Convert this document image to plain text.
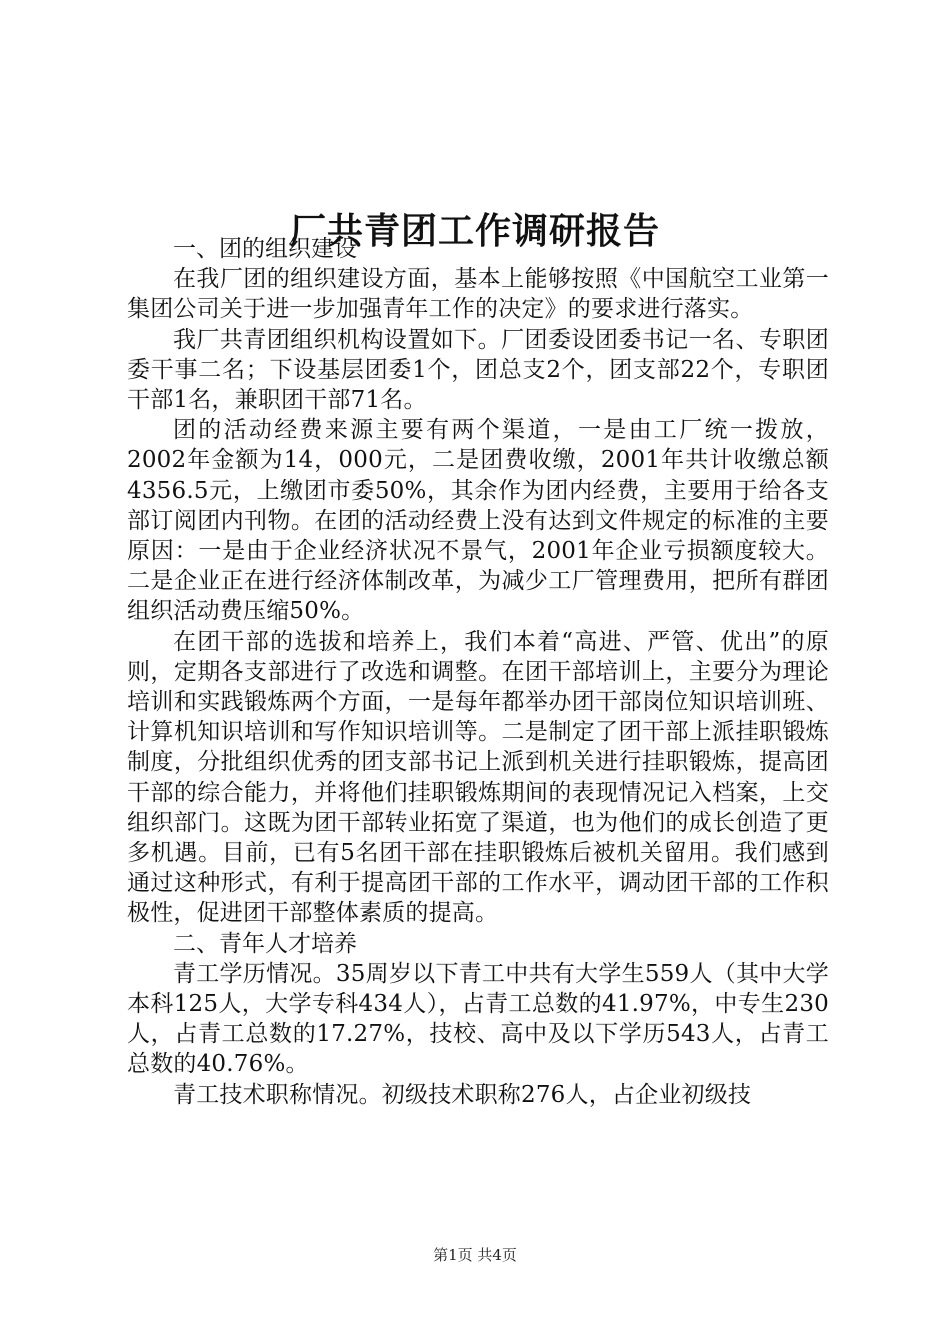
厂共青团工作调研报告

一、团的组织建设

在我厂团的组织建设方面，基本上能够按照《中国航空工业第一集团公司关于进一步加强青年工作的决定》的要求进行落实。

我厂共青团组织机构设置如下。厂团委设团委书记一名、专职团委干事二名；下设基层团委1个，团总支2个，团支部22个，专职团干部1名，兼职团干部71名。

团的活动经费来源主要有两个渠道，一是由工厂统一拨放，2002年金额为14，000元，二是团费收缴，2001年共计收缴总额4356.5元，上缴团市委50%，其余作为团内经费，主要用于给各支部订阅团内刊物。在团的活动经费上没有达到文件规定的标准的主要原因：一是由于企业经济状况不景气，2001年企业亏损额度较大。二是企业正在进行经济体制改革，为减少工厂管理费用，把所有群团组织活动费压缩50%。

在团干部的选拔和培养上，我们本着“高进、严管、优出”的原则，定期各支部进行了改选和调整。在团干部培训上，主要分为理论培训和实践锻炼两个方面，一是每年都举办团干部岗位知识培训班、计算机知识培训和写作知识培训等。二是制定了团干部上派挂职锻炼制度，分批组织优秀的团支部书记上派到机关进行挂职锻炼，提高团干部的综合能力，并将他们挂职锻炼期间的表现情况记入档案，上交组织部门。这既为团干部转业拓宽了渠道，也为他们的成长创造了更多机遇。目前，已有5名团干部在挂职锻炼后被机关留用。我们感到通过这种形式，有利于提高团干部的工作水平，调动团干部的工作积极性，促进团干部整体素质的提高。

二、青年人才培养

青工学历情况。35周岁以下青工中共有大学生559人（其中大学本科125人，大学专科434人），占青工总数的41.97%，中专生230人，占青工总数的17.27%，技校、高中及以下学历543人，占青工总数的40.76%。

青工技术职称情况。初级技术职称276人，占企业初级技

第1页 共4页
